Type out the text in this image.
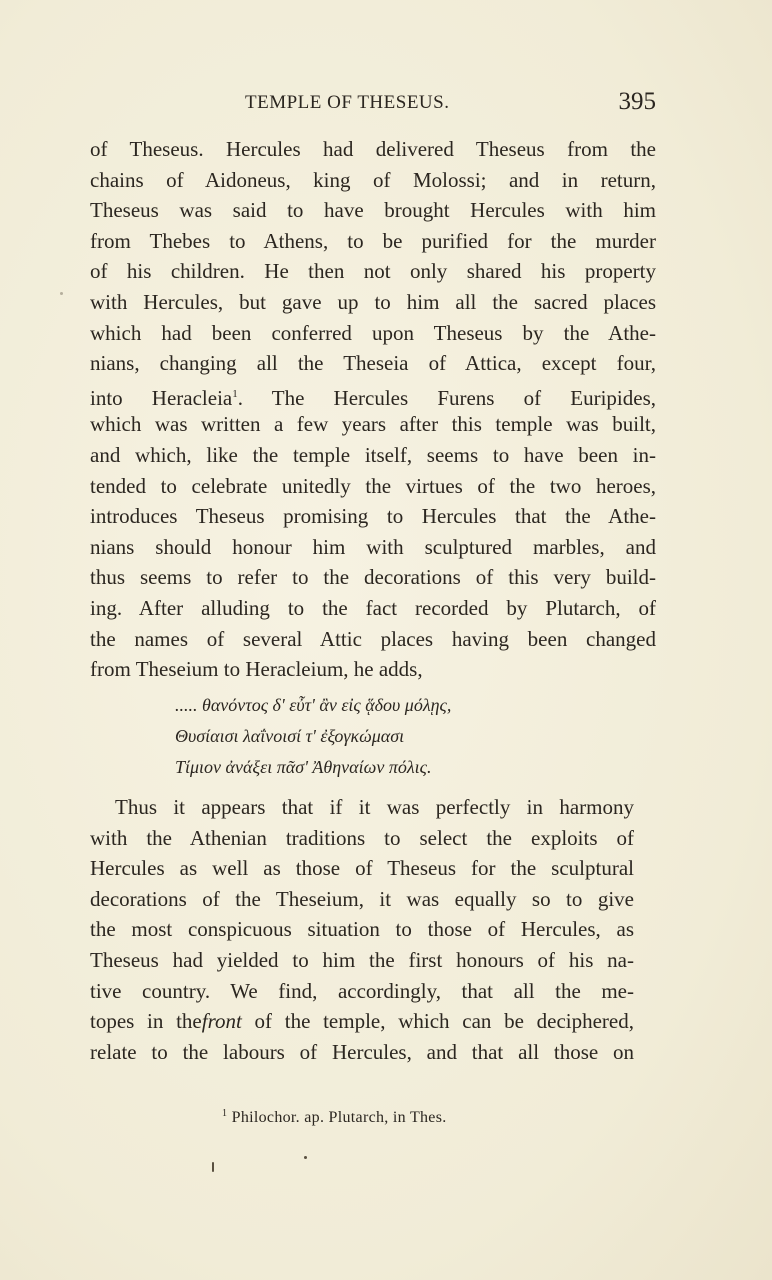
TEMPLE OF THESEUS.	395
of Theseus. Hercules had delivered Theseus from the
chains of Aidoneus, king of Molossi; and in return,
Theseus was said to have brought Hercules with him
from Thebes to Athens, to be purified for the murder
of his children. He then not only shared his property
with Hercules, but gave up to him all the sacred places
which had been conferred upon Theseus by the Athe-
nians, changing all the Theseia of Attica, except four,
into Heracleia$^1$. The Hercules Furens of Euripides,
which was written a few years after this temple was built,
and which, like the temple itself, seems to have been in-
tended to celebrate unitedly the virtues of the two heroes,
introduces Theseus promising to Hercules that the Athe-
nians should honour him with sculptured marbles, and
thus seems to refer to the decorations of this very build-
ing. After alluding to the fact recorded by Plutarch, of
the names of several Attic places having been changed
from Theseium to Heracleium, he adds,
..... θανόντος δ' εὖτ' ἂν εἰς ᾅδου μόλῃς,
Θυσίαισι λαΐνοισί τ' ἐξογκώμασι
Τίμιον ἀνάξει πᾶσ' Ἀθηναίων πόλις.
Thus it appears that if it was perfectly in harmony
with the Athenian traditions to select the exploits of
Hercules as well as those of Theseus for the sculptural
decorations of the Theseium, it was equally so to give
the most conspicuous situation to those of Hercules, as
Theseus had yielded to him the first honours of his na-
tive country. We find, accordingly, that all the me-
topes in thefront of the temple, which can be deciphered,
relate to the labours of Hercules, and that all those on
$^1$ Philochor. ap. Plutarch, in Thes.
